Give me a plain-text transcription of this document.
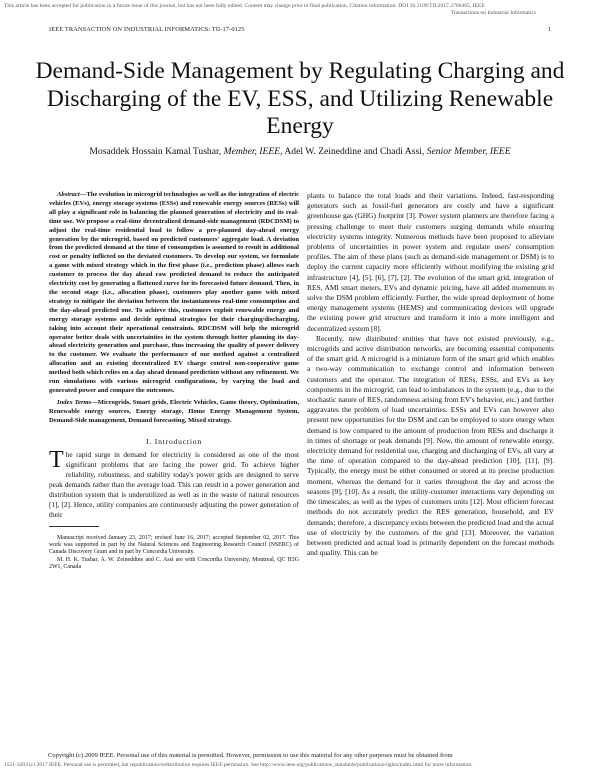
This article has been accepted for publication in a future issue of this journal, but has not been fully edited. Content may change prior to final publication. Citation information: DOI 10.1109/TII.2017.2766465, IEEE
Transactions on Industrial Informatics
IEEE TRANSACTION ON INDUSTRIAL INFORMATICS: TII-17-0125	1
Demand-Side Management by Regulating Charging and Discharging of the EV, ESS, and Utilizing Renewable Energy
Mosaddek Hossain Kamal Tushar, Member, IEEE, Adel W. Zeineddine and Chadi Assi, Senior Member, IEEE

Abstract—The evolution in microgrid technologies as well as the integration of electric vehicles (EVs), energy storage systems (ESSs) and renewable energy sources (RESs) will all play a significant role in balancing the planned generation of electricity and its real-time use. We propose a real-time decentralized demand-side management (RDCDSM) to adjust the real-time residential load to follow a pre-planned day-ahead energy generation by the microgrid, based on predicted customers' aggregate load. A deviation from the predicted demand at the time of consumption is assumed to result in additional cost or penalty inflicted on the deviated customers. To develop our system, we formulate a game with mixed strategy which in the first phase (i.e., prediction phase) allows each customer to process the day ahead raw predicted demand to reduce the anticipated electricity cost by generating a flattened curve for its forecasted future demand. Then, in the second stage (i.e., allocation phase), customers play another game with mixed strategy to mitigate the deviation between the instantaneous real-time consumption and the day-ahead predicted one. To achieve this, customers exploit renewable energy and energy storage systems and decide optimal strategies for their charging/discharging, taking into account their operational constraints. RDCDSM will help the microgrid operator better deals with uncertainties in the system through better planning its day-ahead electricity generation and purchase, thus increasing the quality of power delivery to the customer. We evaluate the performance of our method against a centralized allocation and an existing decentralized EV charge control non-cooperative game method both which relies on a day ahead demand prediction without any refinement. We run simulations with various microgrid configurations, by varying the load and generated power and compare the outcomes.

Index Terms—Microgrids, Smart grids, Electric Vehicles, Game theory, Optimization, Renewable energy sources, Energy storage, Home Energy Management System, Demand-Side management, Demand forecasting, Mixed strategy.

I. Introduction

The rapid surge in demand for electricity is considered as one of the most significant problems that are facing the power grid. To achieve higher reliability, robustness, and stability today's power grids are designed to serve peak demands rather than the average load. This can result in a power generation and distribution system that is underutilized as well as in the waste of natural resources [1], [2]. Hence, utility companies are continuously adjusting the power generation of their

Manuscript received January 23, 2017; revised June 16, 2017; accepted September 02, 2017. This work was supported in part by the Natural Sciences and Engineering Research Council (NSERC) of Canada Discovery Grant and in part by Concordia University.

M. H. K. Tushar, A. W. Zeineddine and C. Assi are with Concordia University, Montreal, QC H3G 2W1, Canada

plants to balance the total loads and their variations. Indeed, fast-responding generators such as fossil-fuel generators are costly and have a significant greenhouse gas (GHG) footprint [3]. Power system planners are therefore facing a pressing challenge to meet their customers surging demands while ensuring electricity systems integrity. Numerous methods have been proposed to alleviate problems of uncertainties in power system and regulate users' consumption profiles. The aim of these plans (such as demand-side management or DSM) is to deploy the current capacity more efficiently without modifying the existing grid infrastructure [4], [5], [6], [7], [2]. The evolution of the smart grid, integration of RES, AMI smart meters, EVs and dynamic pricing, have all added momentum to solve the DSM problem efficiently. Further, the wide spread deployment of home energy management systems (HEMS) and communicating devices will upgrade the existing power grid structure and transform it into a more intelligent and decentralized system [8].

Recently, new distributed entities that have not existed previously, e.g., microgrids and active distribution networks, are becoming essential components of the smart grid. A microgrid is a miniature form of the smart grid which enables a two-way communication to exchange control and information between customers and the operator. The integration of RESs, ESSs, and EVs as key components in the microgrid, can lead to imbalances in the system (e.g., due to the stochastic nature of RES, randomness arising from EV's behavior, etc.) and further aggravates the problem of load uncertainties. ESSs and EVs can however also present new opportunities for the DSM and can be employed to store energy when demand is low compared to the amount of production from RESs and discharge it in times of shortage or peak demands [9]. Now, the amount of renewable energy, electricity demand for residential use, charging and discharging of EVs, all vary at the time of operation compared to the day-ahead prediction [10], [11], [9]. Typically, the energy must be either consumed or stored at its precise production moment, whereas the demand for it varies throughout the day and across the seasons [9], [10]. As a result, the utility-customer interactions vary depending on the timescales, as well as the types of customers units [12]. Most efficient forecast methods do not accurately predict the RES generation, household, and EV demands; therefore, a discrepancy exists between the predicted load and the actual use of electricity by the customers of the grid [13]. Moreover, the variation between predicted and actual load is primarily dependent on the forecast methods and quality. This can be

Copyright (c) 2009 IEEE. Personal use of this material is permitted. However, permission to use this material for any other purposes must be obtained from
1551-3203 (c) 2017 IEEE. Personal use is permitted, but republication/redistribution requires IEEE permission. See http://www.ieee.org/publications_standards/publications/rights/index.html for more information.
